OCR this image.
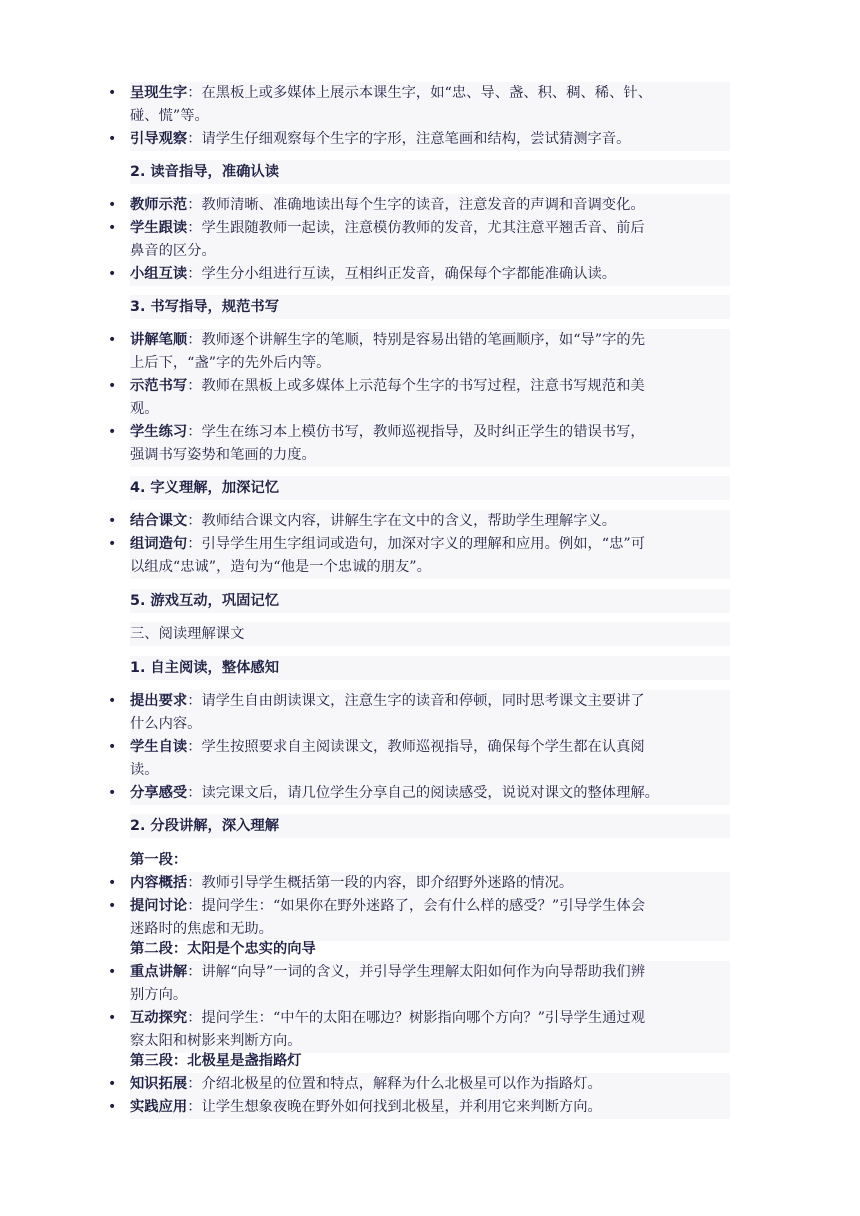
• 呈现生字：在黑板上或多媒体上展示本课生字，如“忠、导、盏、积、稠、稀、针、
碰、慌”等。
• 引导观察：请学生仔细观察每个生字的字形，注意笔画和结构，尝试猜测字音。
2. 读音指导，准确认读
• 教师示范：教师清晰、准确地读出每个生字的读音，注意发音的声调和音调变化。
• 学生跟读：学生跟随教师一起读，注意模仿教师的发音，尤其注意平翘舌音、前后
鼻音的区分。
• 小组互读：学生分小组进行互读，互相纠正发音，确保每个字都能准确认读。
3. 书写指导，规范书写
• 讲解笔顺：教师逐个讲解生字的笔顺，特别是容易出错的笔画顺序，如“导”字的先
上后下，“盏”字的先外后内等。
• 示范书写：教师在黑板上或多媒体上示范每个生字的书写过程，注意书写规范和美
观。
• 学生练习：学生在练习本上模仿书写，教师巡视指导，及时纠正学生的错误书写，
强调书写姿势和笔画的力度。
4. 字义理解，加深记忆
• 结合课文：教师结合课文内容，讲解生字在文中的含义，帮助学生理解字义。
• 组词造句：引导学生用生字组词或造句，加深对字义的理解和应用。例如，“忠”可
以组成“忠诚”，造句为“他是一个忠诚的朋友”。
5. 游戏互动，巩固记忆
三、阅读理解课文
1. 自主阅读，整体感知
• 提出要求：请学生自由朗读课文，注意生字的读音和停顿，同时思考课文主要讲了
什么内容。
• 学生自读：学生按照要求自主阅读课文，教师巡视指导，确保每个学生都在认真阅
读。
• 分享感受：读完课文后，请几位学生分享自己的阅读感受，说说对课文的整体理解。
2. 分段讲解，深入理解
第一段：
• 内容概括：教师引导学生概括第一段的内容，即介绍野外迷路的情况。
• 提问讨论：提问学生：“如果你在野外迷路了，会有什么样的感受？”引导学生体会
迷路时的焦虑和无助。
第二段：太阳是个忠实的向导
• 重点讲解：讲解“向导”一词的含义，并引导学生理解太阳如何作为向导帮助我们辨
别方向。
• 互动探究：提问学生：“中午的太阳在哪边？树影指向哪个方向？”引导学生通过观
察太阳和树影来判断方向。
第三段：北极星是盏指路灯
• 知识拓展：介绍北极星的位置和特点，解释为什么北极星可以作为指路灯。
• 实践应用：让学生想象夜晚在野外如何找到北极星，并利用它来判断方向。
